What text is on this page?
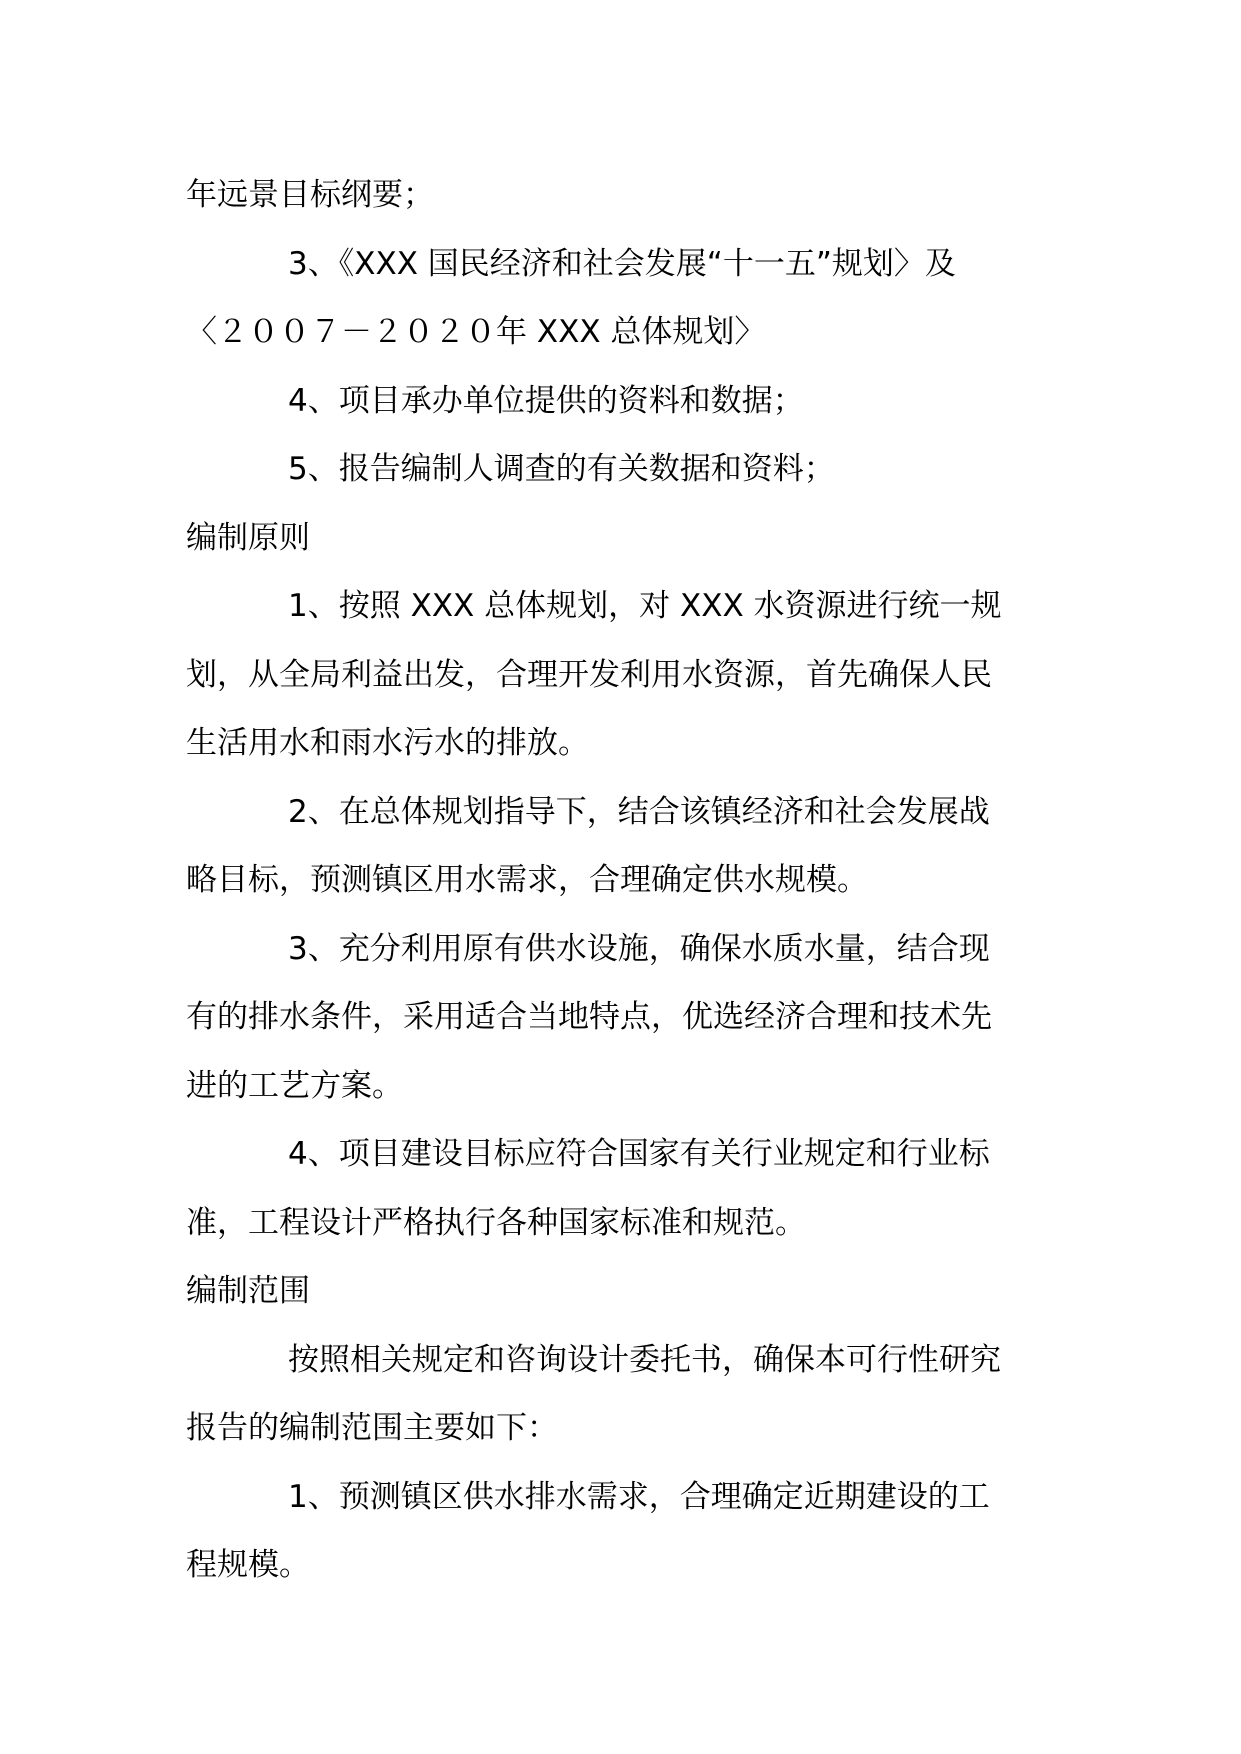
年远景目标纲要；
3、《XXX 国民经济和社会发展“十一五”规划〉及
〈２００７－２０２０年 XXX 总体规划〉
4、项目承办单位提供的资料和数据；
5、报告编制人调查的有关数据和资料；
编制原则
1、按照 XXX 总体规划，对 XXX 水资源进行统一规
划，从全局利益出发，合理开发利用水资源，首先确保人民
生活用水和雨水污水的排放。
2、在总体规划指导下，结合该镇经济和社会发展战
略目标，预测镇区用水需求，合理确定供水规模。
3、充分利用原有供水设施，确保水质水量，结合现
有的排水条件，采用适合当地特点，优选经济合理和技术先
进的工艺方案。
4、项目建设目标应符合国家有关行业规定和行业标
准，工程设计严格执行各种国家标准和规范。
编制范围
按照相关规定和咨询设计委托书，确保本可行性研究
报告的编制范围主要如下：
1、预测镇区供水排水需求，合理确定近期建设的工
程规模。
